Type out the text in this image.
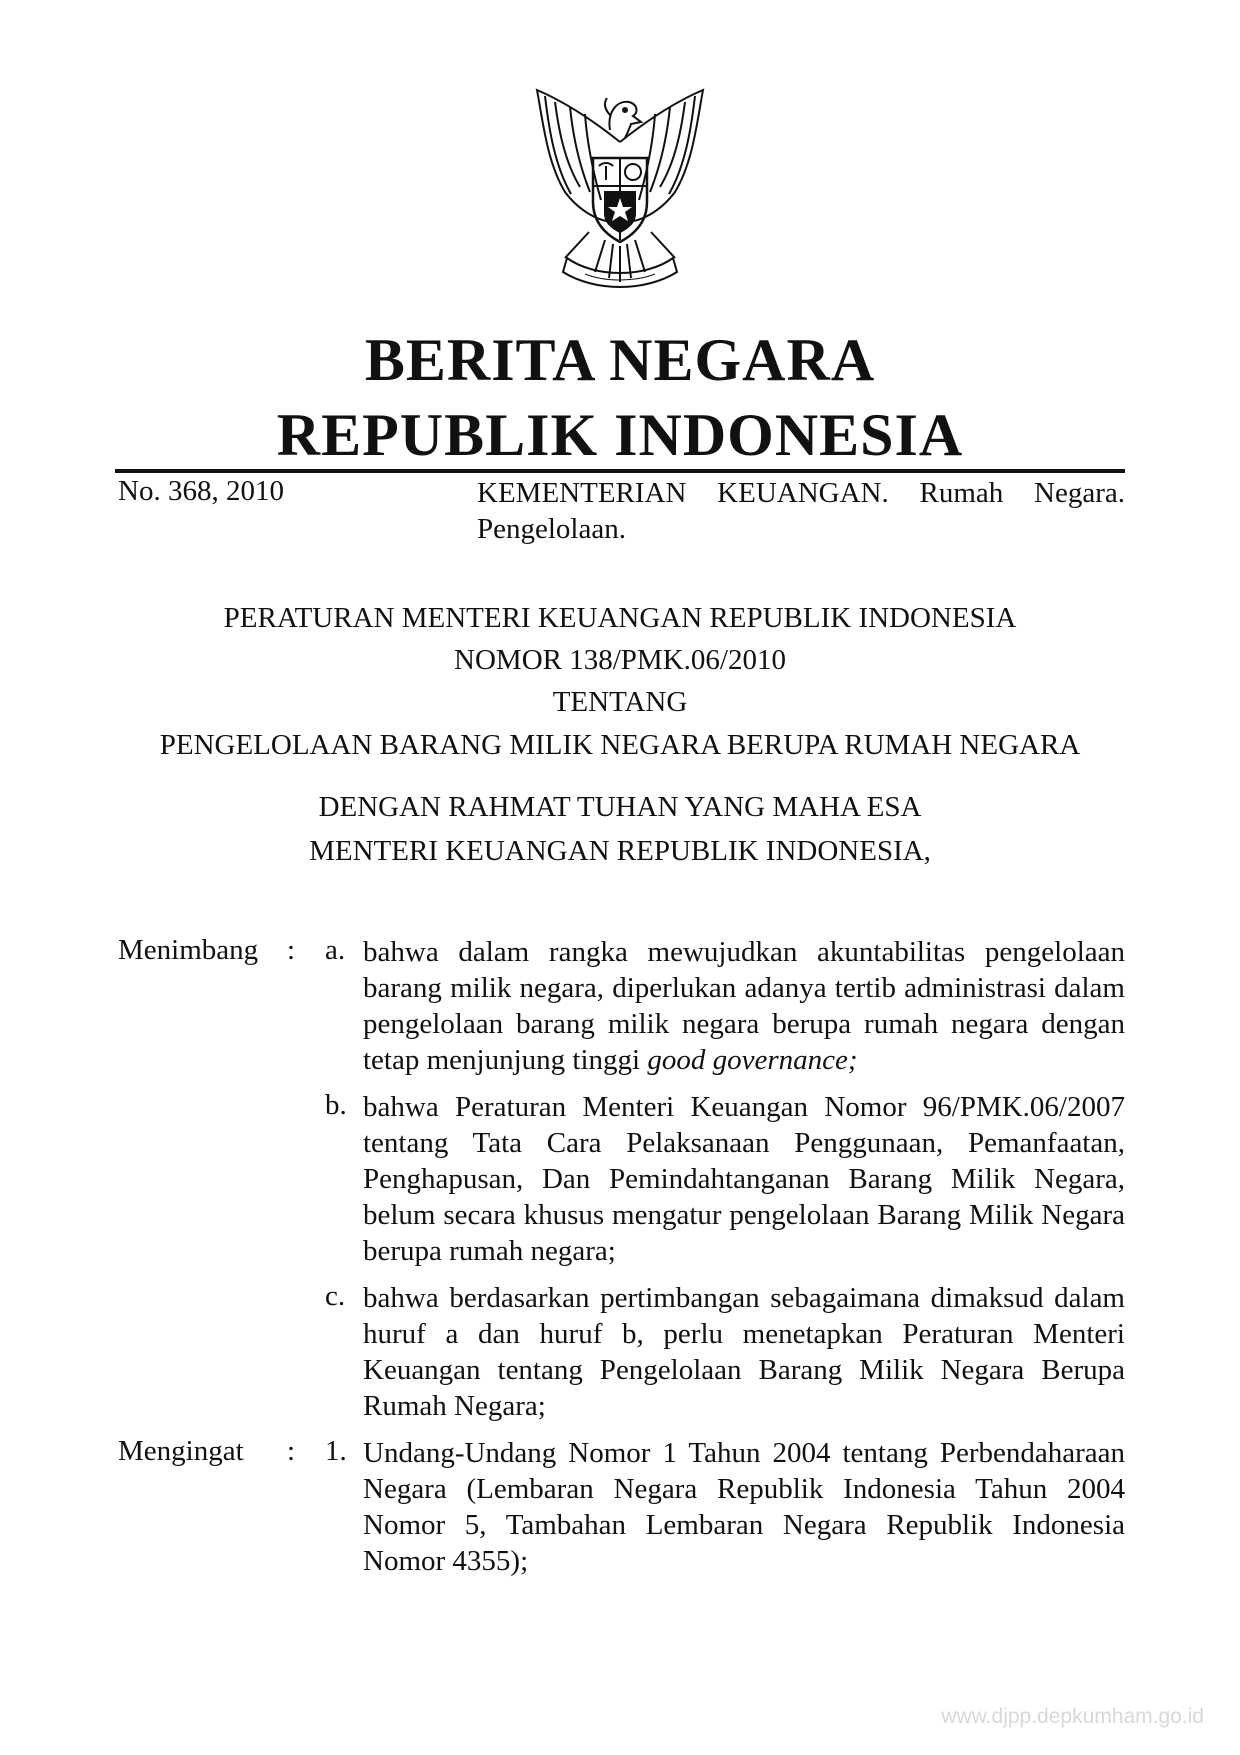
BERITA NEGARA
REPUBLIK INDONESIA
No. 368, 2010	KEMENTERIAN KEUANGAN. Rumah Negara. Pengelolaan.
PERATURAN MENTERI KEUANGAN REPUBLIK INDONESIA
NOMOR 138/PMK.06/2010
TENTANG
PENGELOLAAN BARANG MILIK NEGARA BERUPA RUMAH NEGARA
DENGAN RAHMAT TUHAN YANG MAHA ESA
MENTERI KEUANGAN REPUBLIK INDONESIA,
Menimbang : a. bahwa dalam rangka mewujudkan akuntabilitas pengelolaan barang milik negara, diperlukan adanya tertib administrasi dalam pengelolaan barang milik negara berupa rumah negara dengan tetap menjunjung tinggi good governance;
b. bahwa Peraturan Menteri Keuangan Nomor 96/PMK.06/2007 tentang Tata Cara Pelaksanaan Penggunaan, Pemanfaatan, Penghapusan, Dan Pemindahtanganan Barang Milik Negara, belum secara khusus mengatur pengelolaan Barang Milik Negara berupa rumah negara;
c. bahwa berdasarkan pertimbangan sebagaimana dimaksud dalam huruf a dan huruf b, perlu menetapkan Peraturan Menteri Keuangan tentang Pengelolaan Barang Milik Negara Berupa Rumah Negara;
Mengingat : 1. Undang-Undang Nomor 1 Tahun 2004 tentang Perbendaharaan Negara (Lembaran Negara Republik Indonesia Tahun 2004 Nomor 5, Tambahan Lembaran Negara Republik Indonesia Nomor 4355);
www.djpp.depkumham.go.id
